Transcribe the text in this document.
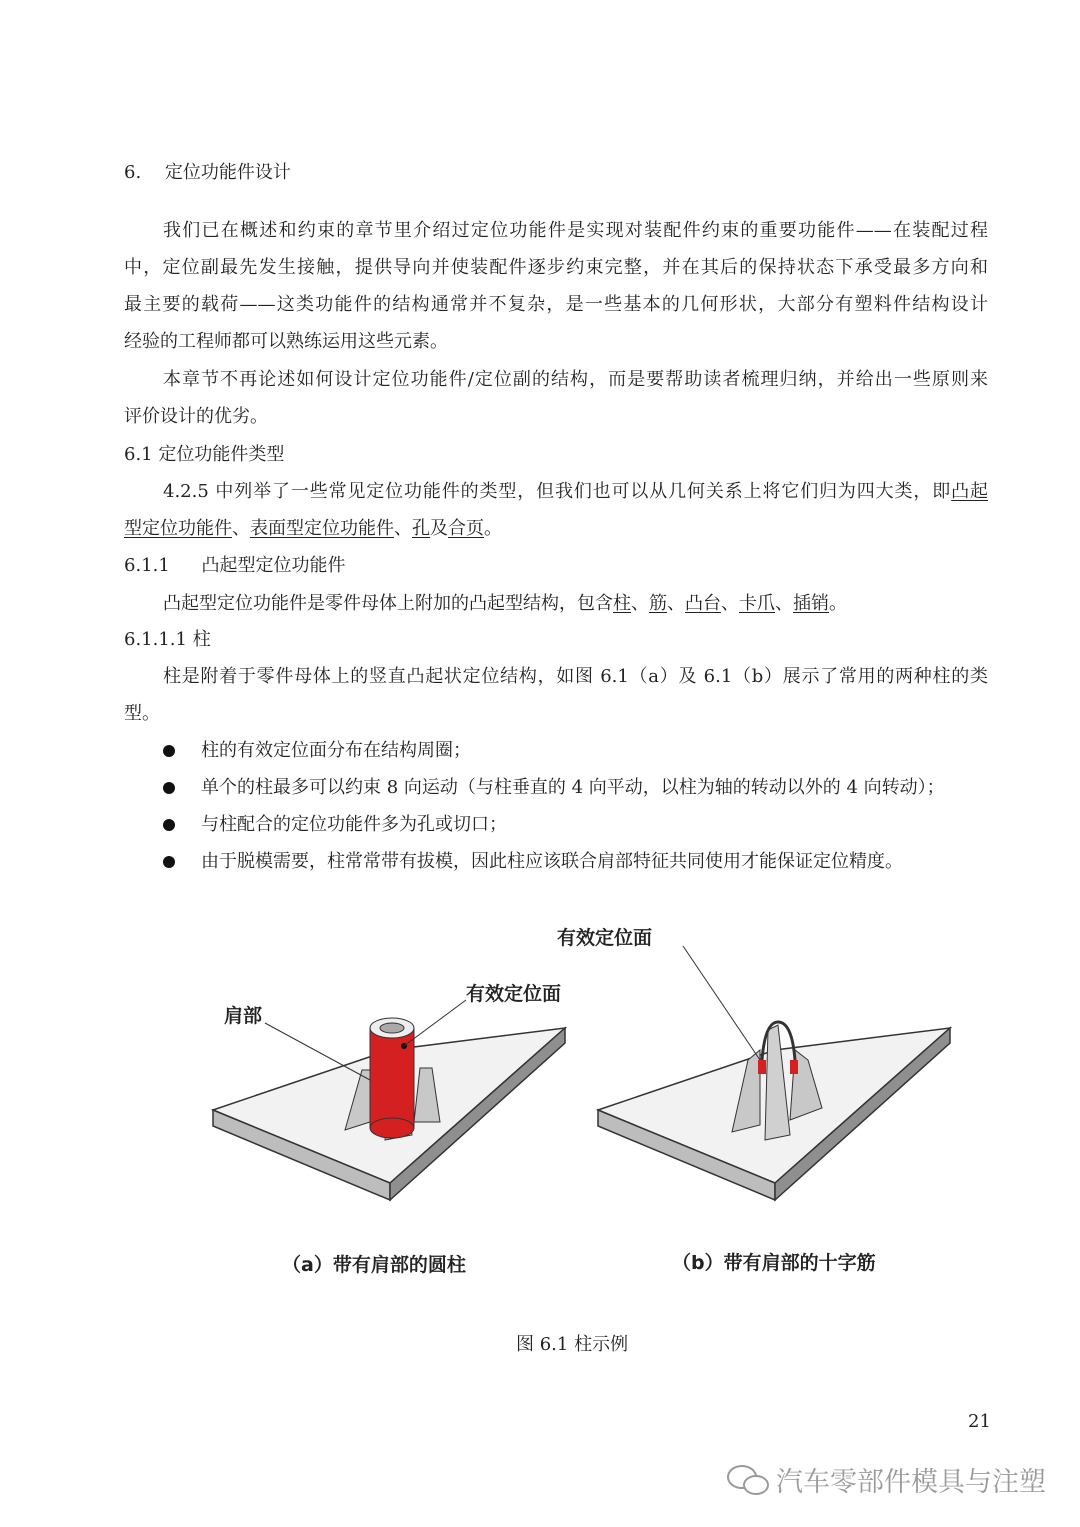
6. 定位功能件设计
我们已在概述和约束的章节里介绍过定位功能件是实现对装配件约束的重要功能件——在装配过程
中，定位副最先发生接触，提供导向并使装配件逐步约束完整，并在其后的保持状态下承受最多方向和
最主要的载荷——这类功能件的结构通常并不复杂，是一些基本的几何形状，大部分有塑料件结构设计
经验的工程师都可以熟练运用这些元素。
本章节不再论述如何设计定位功能件/定位副的结构，而是要帮助读者梳理归纳，并给出一些原则来
评价设计的优劣。
6.1 定位功能件类型
4.2.5 中列举了一些常见定位功能件的类型，但我们也可以从几何关系上将它们归为四大类，即凸起
型定位功能件、表面型定位功能件、孔及合页。
6.1.1 凸起型定位功能件
凸起型定位功能件是零件母体上附加的凸起型结构，包含柱、筋、凸台、卡爪、插销。
6.1.1.1 柱
柱是附着于零件母体上的竖直凸起状定位结构，如图 6.1（a）及 6.1（b）展示了常用的两种柱的类
型。
柱的有效定位面分布在结构周圈；
单个的柱最多可以约束 8 向运动（与柱垂直的 4 向平动，以柱为轴的转动以外的 4 向转动）；
与柱配合的定位功能件多为孔或切口；
由于脱模需要，柱常常带有拔模，因此柱应该联合肩部特征共同使用才能保证定位精度。
肩部
有效定位面
有效定位面
（a）带有肩部的圆柱	（b）带有肩部的十字筋
图 6.1 柱示例
21
汽车零部件模具与注塑
